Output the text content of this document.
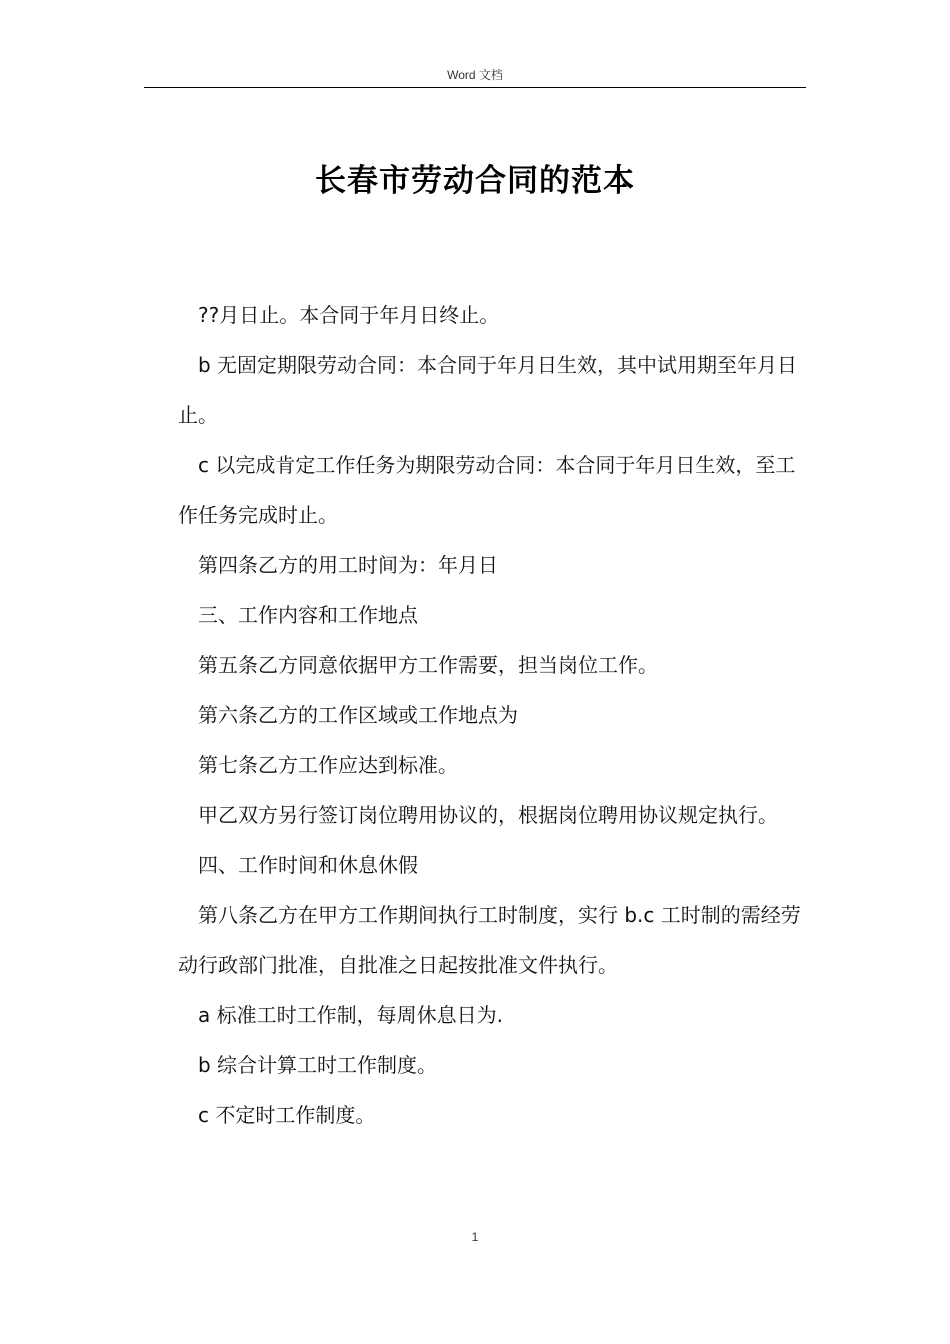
Word 文档
长春市劳动合同的范本

??月日止。本合同于年月日终止。

b 无固定期限劳动合同：本合同于年月日生效，其中试用期至年月日止。

c 以完成肯定工作任务为期限劳动合同：本合同于年月日生效，至工作任务完成时止。

第四条乙方的用工时间为：年月日

三、工作内容和工作地点

第五条乙方同意依据甲方工作需要，担当岗位工作。

第六条乙方的工作区域或工作地点为

第七条乙方工作应达到标准。

甲乙双方另行签订岗位聘用协议的，根据岗位聘用协议规定执行。

四、工作时间和休息休假

第八条乙方在甲方工作期间执行工时制度，实行 b.c 工时制的需经劳动行政部门批准，自批准之日起按批准文件执行。

a 标准工时工作制，每周休息日为.

b 综合计算工时工作制度。

c 不定时工作制度。

1
